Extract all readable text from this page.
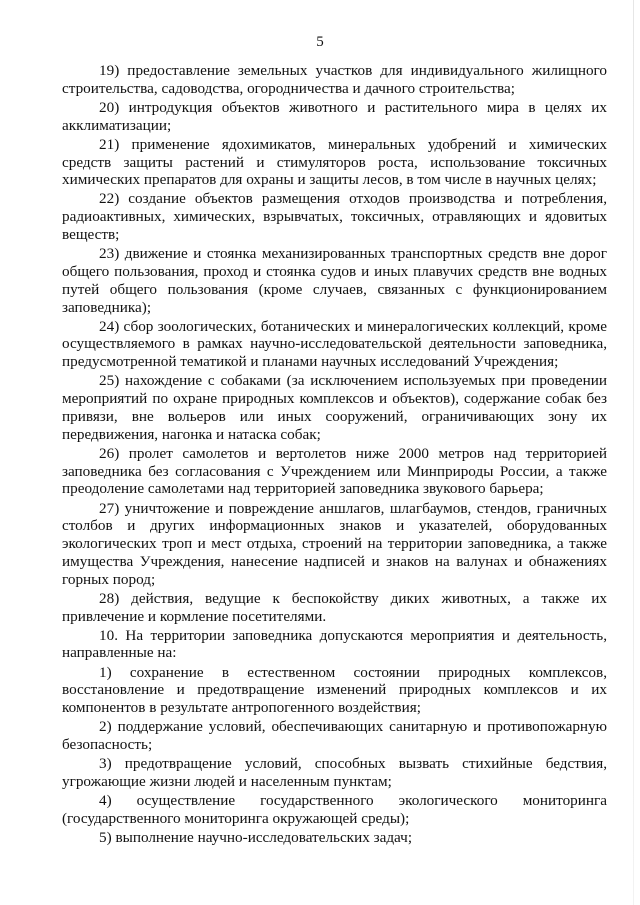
5

19) предоставление земельных участков для индивидуального жилищного строительства, садоводства, огородничества и дачного строительства;

20) интродукция объектов животного и растительного мира в целях их акклиматизации;

21) применение ядохимикатов, минеральных удобрений и химических средств защиты растений и стимуляторов роста, использование токсичных химических препаратов для охраны и защиты лесов, в том числе в научных целях;

22) создание объектов размещения отходов производства и потребления, радиоактивных, химических, взрывчатых, токсичных, отравляющих и ядовитых веществ;

23) движение и стоянка механизированных транспортных средств вне дорог общего пользования, проход и стоянка судов и иных плавучих средств вне водных путей общего пользования (кроме случаев, связанных с функционированием заповедника);

24) сбор зоологических, ботанических и минералогических коллекций, кроме осуществляемого в рамках научно-исследовательской деятельности заповедника, предусмотренной тематикой и планами научных исследований Учреждения;

25) нахождение с собаками (за исключением используемых при проведении мероприятий по охране природных комплексов и объектов), содержание собак без привязи, вне вольеров или иных сооружений, ограничивающих зону их передвижения, нагонка и натаска собак;

26) пролет самолетов и вертолетов ниже 2000 метров над территорией заповедника без согласования с Учреждением или Минприроды России, а также преодоление самолетами над территорией заповедника звукового барьера;

27) уничтожение и повреждение аншлагов, шлагбаумов, стендов, граничных столбов и других информационных знаков и указателей, оборудованных экологических троп и мест отдыха, строений на территории заповедника, а также имущества Учреждения, нанесение надписей и знаков на валунах и обнажениях горных пород;

28) действия, ведущие к беспокойству диких животных, а также их привлечение и кормление посетителями.

10. На территории заповедника допускаются мероприятия и деятельность, направленные на:

1) сохранение в естественном состоянии природных комплексов, восстановление и предотвращение изменений природных комплексов и их компонентов в результате антропогенного воздействия;

2) поддержание условий, обеспечивающих санитарную и противопожарную безопасность;

3) предотвращение условий, способных вызвать стихийные бедствия, угрожающие жизни людей и населенным пунктам;

4) осуществление государственного экологического мониторинга (государственного мониторинга окружающей среды);

5) выполнение научно-исследовательских задач;
